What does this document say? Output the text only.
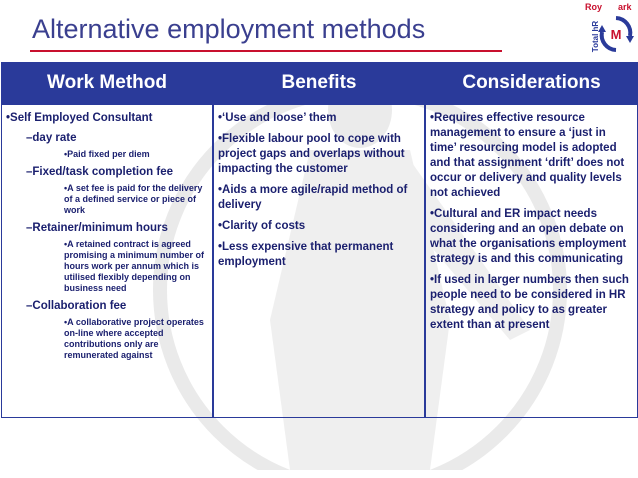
Alternative employment methods
Roy ark
Total hR M
Work Method	Benefits	Considerations
•Self Employed Consultant
–day rate
•Paid fixed per diem
–Fixed/task completion fee
•A set fee is paid for the delivery of a defined service or piece of work
–Retainer/minimum hours
•A retained contract is agreed promising a minimum number of hours work per annum which is utilised flexibly depending on business need
–Collaboration fee
•A collaborative project operates on-line where accepted contributions only are remunerated against
•‘Use and loose’ them
•Flexible labour pool to cope with project gaps and overlaps without impacting the customer
•Aids a more agile/rapid method of delivery
•Clarity of costs
•Less expensive that permanent employment
•Requires effective resource management to ensure a ‘just in time’ resourcing model is adopted and that assignment ‘drift’ does not occur or delivery and quality levels not achieved
•Cultural and ER impact needs considering and an open debate on what the organisations employment strategy is and this communicating
•If used in larger numbers then such people need to be considered in HR strategy and policy to as greater extent than at present
